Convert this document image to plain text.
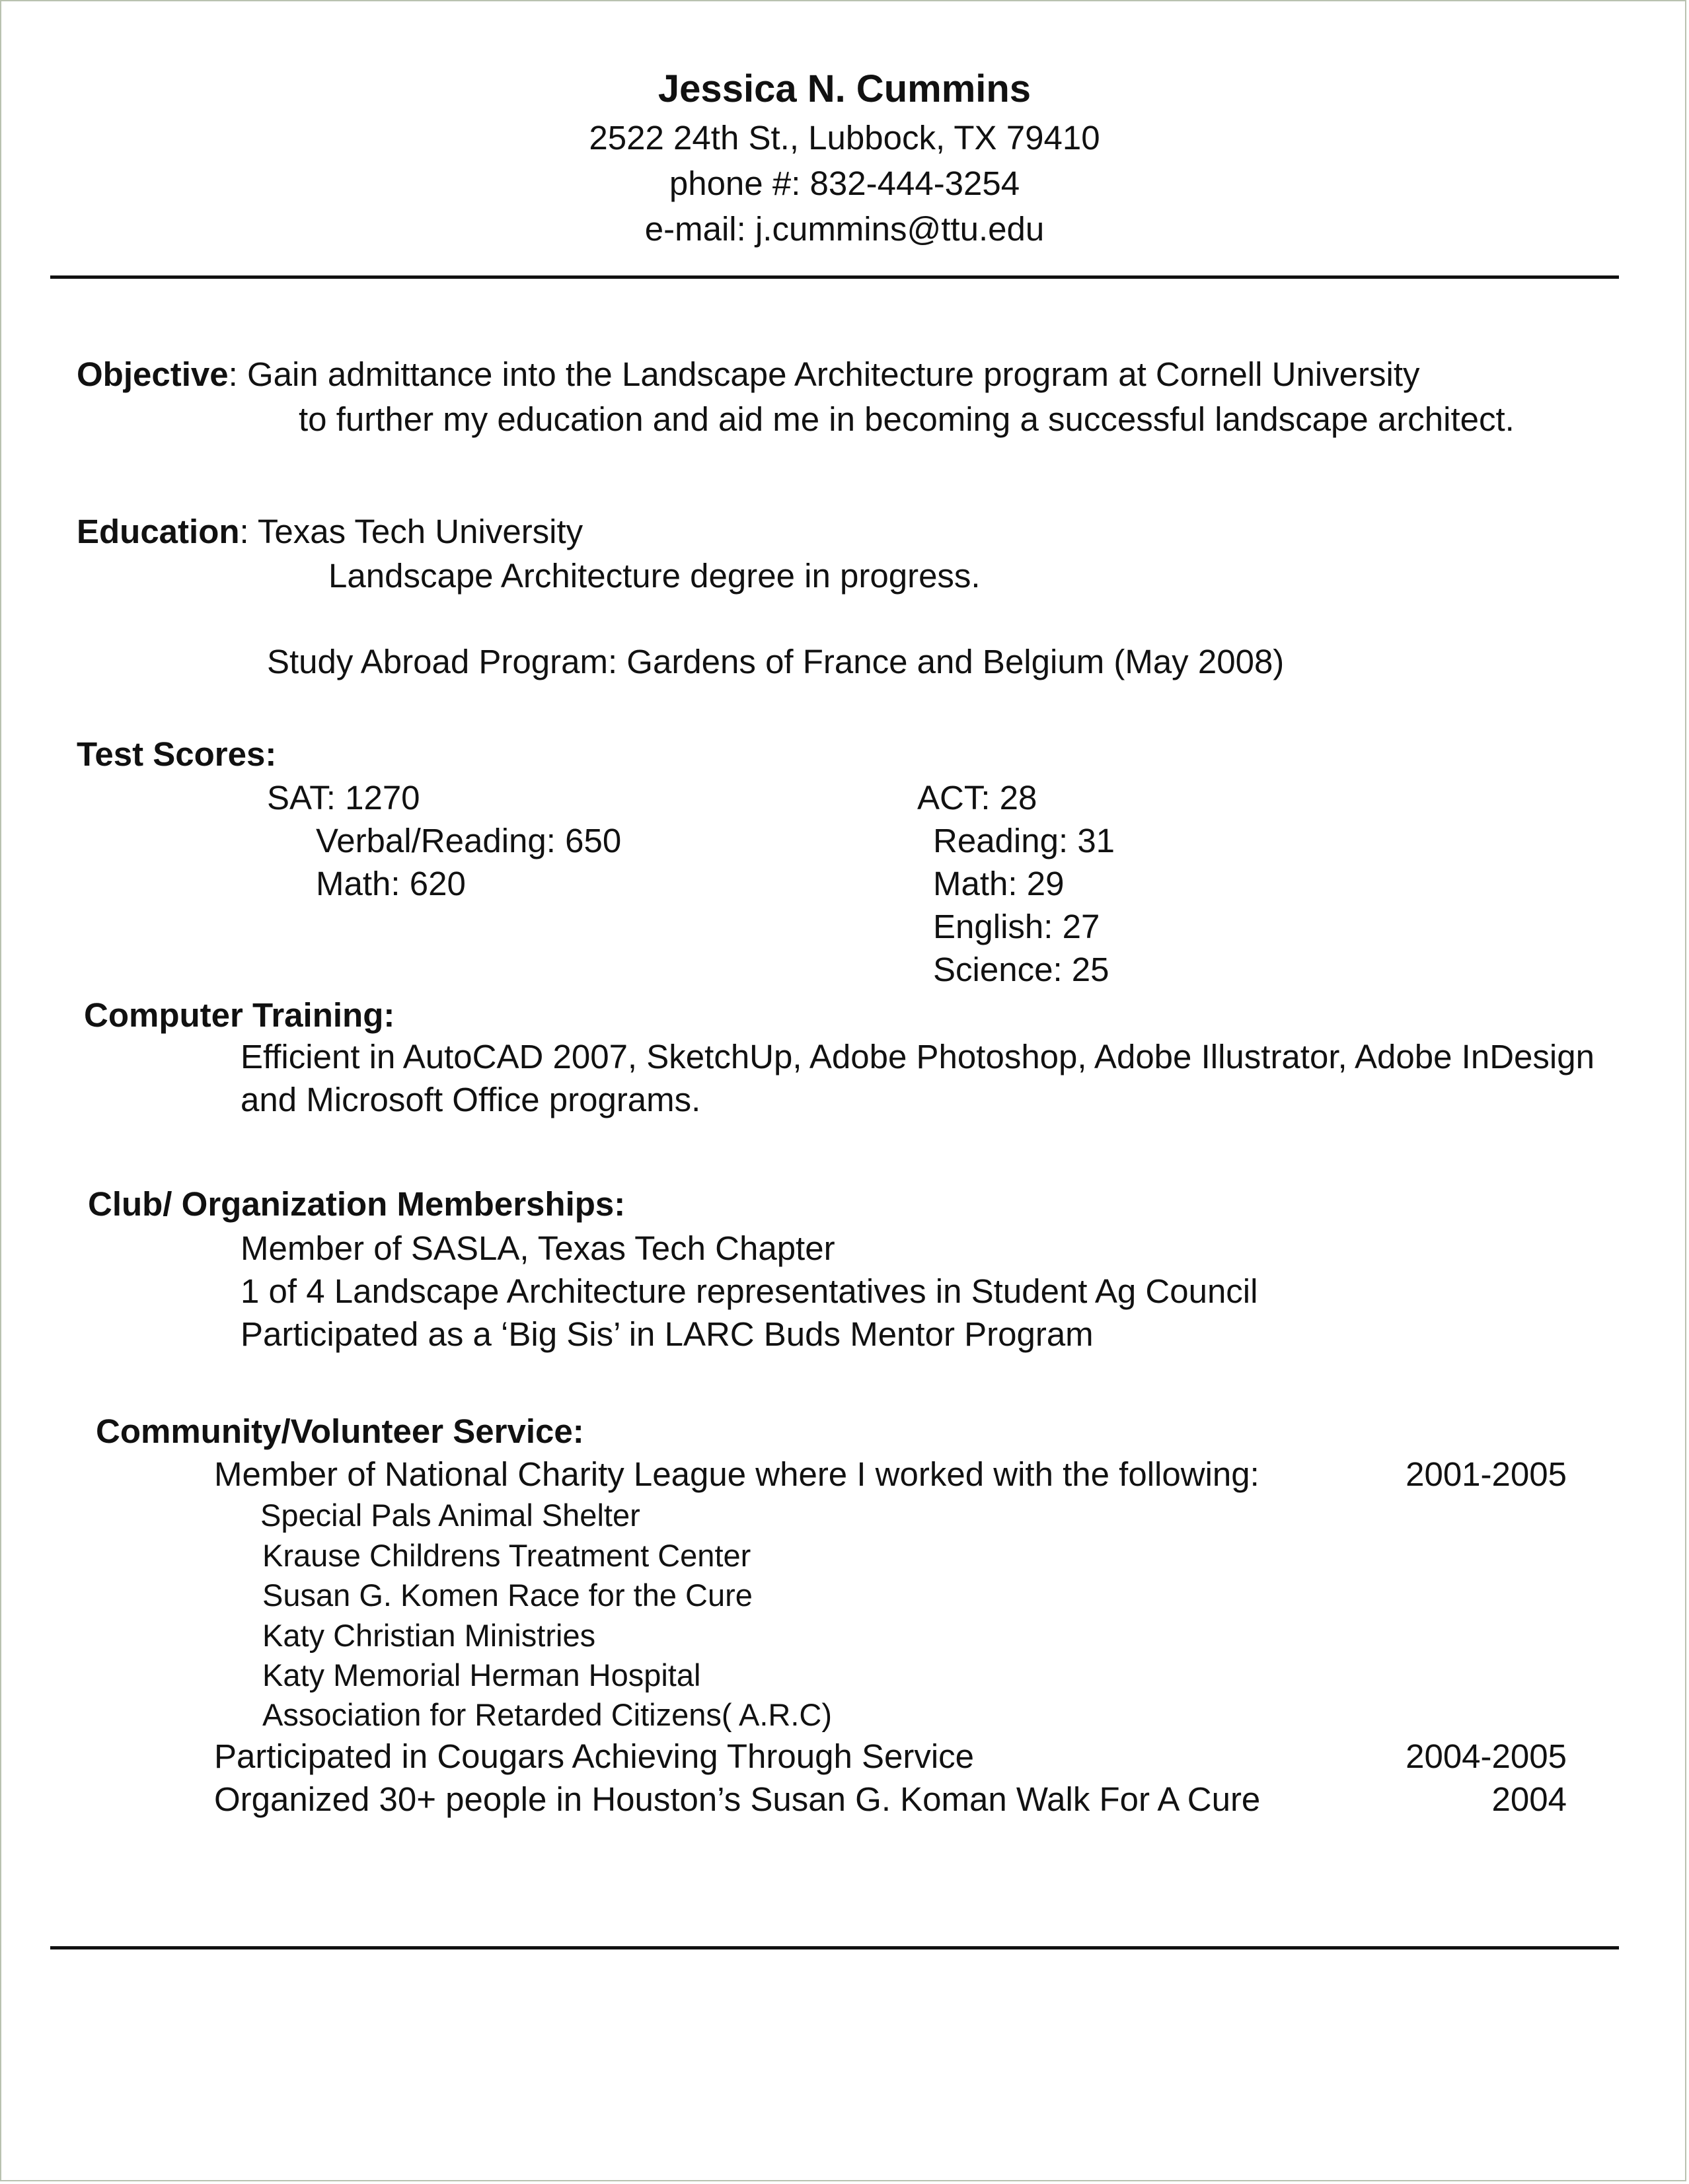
Jessica N. Cummins
2522 24th St., Lubbock, TX 79410
phone #: 832-444-3254
e-mail: j.cummins@ttu.edu
Objective: Gain admittance into the Landscape Architecture program at Cornell University
to further my education and aid me in becoming a successful landscape architect.
Education: Texas Tech University
Landscape Architecture degree in progress.
Study Abroad Program: Gardens of France and Belgium (May 2008)
Test Scores:
SAT: 1270
Verbal/Reading: 650
Math: 620
ACT: 28
Reading: 31
Math: 29
English: 27
Science: 25
Computer Training:
Efficient in AutoCAD 2007, SketchUp, Adobe Photoshop, Adobe Illustrator, Adobe InDesign
and Microsoft Office programs.
Club/ Organization Memberships:
Member of SASLA, Texas Tech Chapter
1 of 4 Landscape Architecture representatives in Student Ag Council
Participated as a ‘Big Sis’ in LARC Buds Mentor Program
Community/Volunteer Service:
Member of National Charity League where I worked with the following:	2001-2005
Special Pals Animal Shelter
Krause Childrens Treatment Center
Susan G. Komen Race for the Cure
Katy Christian Ministries
Katy Memorial Herman Hospital
Association for Retarded Citizens( A.R.C)
Participated in Cougars Achieving Through Service	2004-2005
Organized 30+ people in Houston’s Susan G. Koman Walk For A Cure	2004
